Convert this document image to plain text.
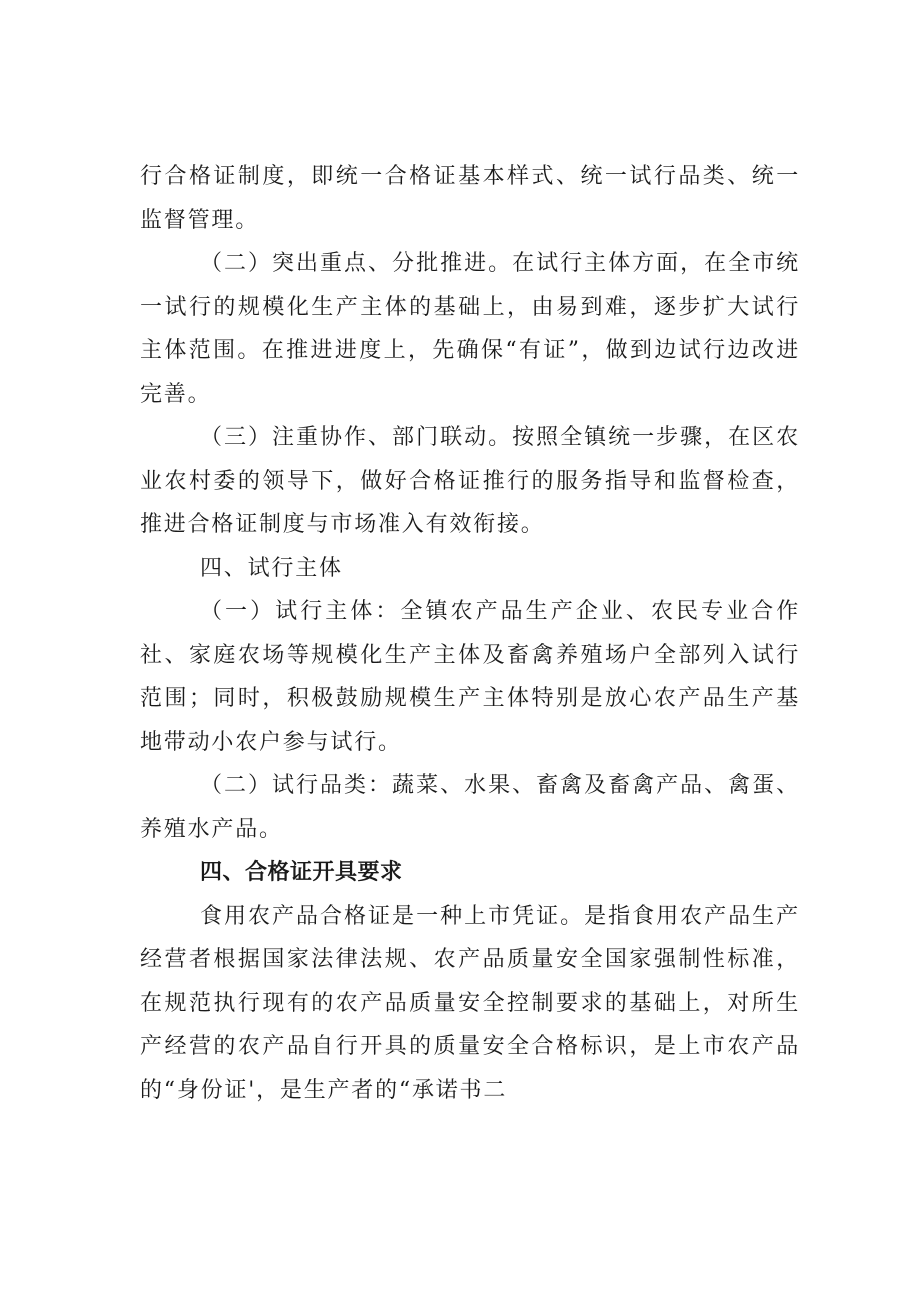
行合格证制度，即统一合格证基本样式、统一试行品类、统一监督管理。

（二）突出重点、分批推进。在试行主体方面，在全市统一试行的规模化生产主体的基础上，由易到难，逐步扩大试行主体范围。在推进进度上，先确保“有证”，做到边试行边改进完善。

（三）注重协作、部门联动。按照全镇统一步骤，在区农业农村委的领导下，做好合格证推行的服务指导和监督检查，推进合格证制度与市场准入有效衔接。

四、试行主体

（一）试行主体：全镇农产品生产企业、农民专业合作社、家庭农场等规模化生产主体及畜禽养殖场户全部列入试行范围；同时，积极鼓励规模生产主体特别是放心农产品生产基地带动小农户参与试行。

（二）试行品类：蔬菜、水果、畜禽及畜禽产品、禽蛋、养殖水产品。

四、合格证开具要求

食用农产品合格证是一种上市凭证。是指食用农产品生产经营者根据国家法律法规、农产品质量安全国家强制性标准，在规范执行现有的农产品质量安全控制要求的基础上，对所生产经营的农产品自行开具的质量安全合格标识，是上市农产品的“身份证'，是生产者的“承诺书二
